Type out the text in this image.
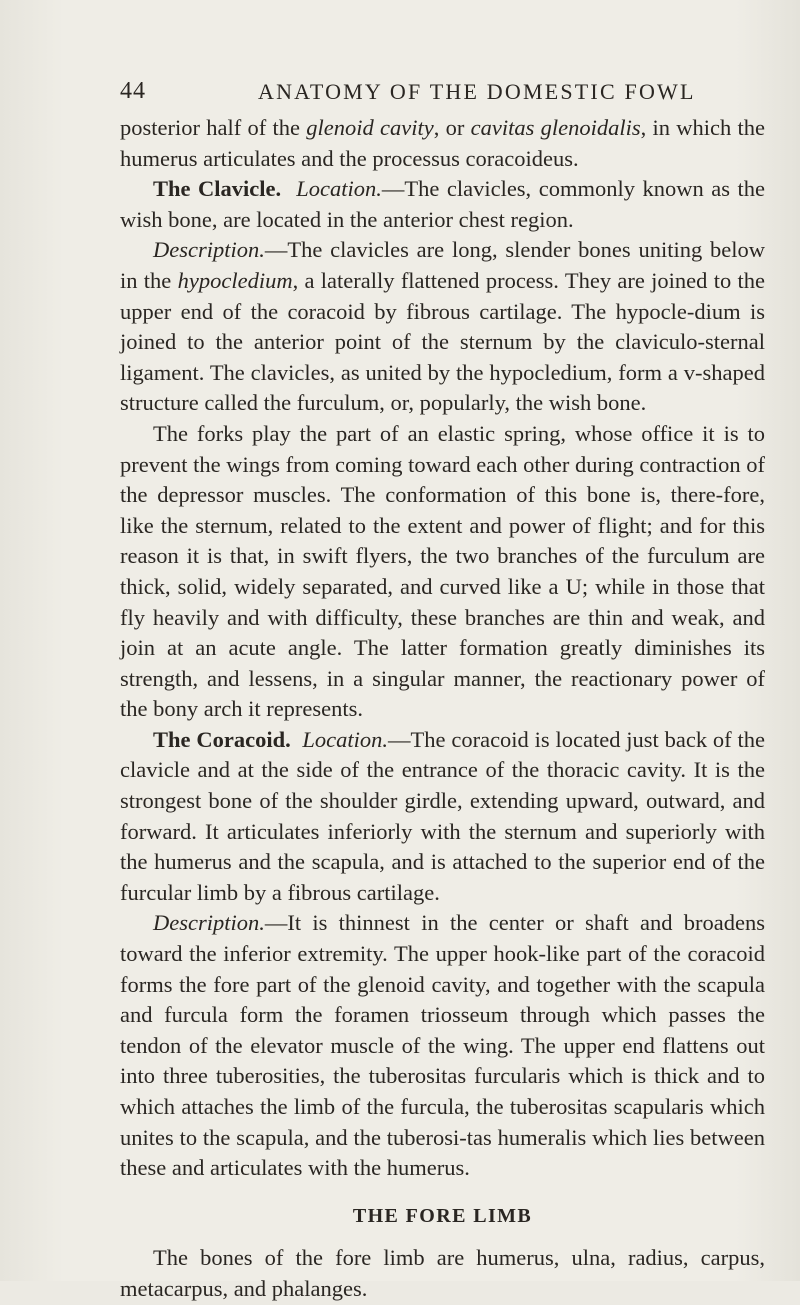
44	ANATOMY OF THE DOMESTIC FOWL

posterior half of the glenoid cavity, or cavitas glenoidalis, in which the humerus articulates and the processus coracoideus.

The Clavicle. Location.—The clavicles, commonly known as the wish bone, are located in the anterior chest region.

Description.—The clavicles are long, slender bones uniting below in the hypocledium, a laterally flattened process. They are joined to the upper end of the coracoid by fibrous cartilage. The hypocle-dium is joined to the anterior point of the sternum by the claviculo-sternal ligament. The clavicles, as united by the hypocledium, form a v-shaped structure called the furculum, or, popularly, the wish bone.

The forks play the part of an elastic spring, whose office it is to prevent the wings from coming toward each other during contraction of the depressor muscles. The conformation of this bone is, there-fore, like the sternum, related to the extent and power of flight; and for this reason it is that, in swift flyers, the two branches of the furculum are thick, solid, widely separated, and curved like a U; while in those that fly heavily and with difficulty, these branches are thin and weak, and join at an acute angle. The latter formation greatly diminishes its strength, and lessens, in a singular manner, the reactionary power of the bony arch it represents.

The Coracoid. Location.—The coracoid is located just back of the clavicle and at the side of the entrance of the thoracic cavity. It is the strongest bone of the shoulder girdle, extending upward, outward, and forward. It articulates inferiorly with the sternum and superiorly with the humerus and the scapula, and is attached to the superior end of the furcular limb by a fibrous cartilage.

Description.—It is thinnest in the center or shaft and broadens toward the inferior extremity. The upper hook-like part of the coracoid forms the fore part of the glenoid cavity, and together with the scapula and furcula form the foramen triosseum through which passes the tendon of the elevator muscle of the wing. The upper end flattens out into three tuberosities, the tuberositas furcularis which is thick and to which attaches the limb of the furcula, the tuberositas scapularis which unites to the scapula, and the tuberosi-tas humeralis which lies between these and articulates with the humerus.

THE FORE LIMB

The bones of the fore limb are humerus, ulna, radius, carpus, metacarpus, and phalanges.
